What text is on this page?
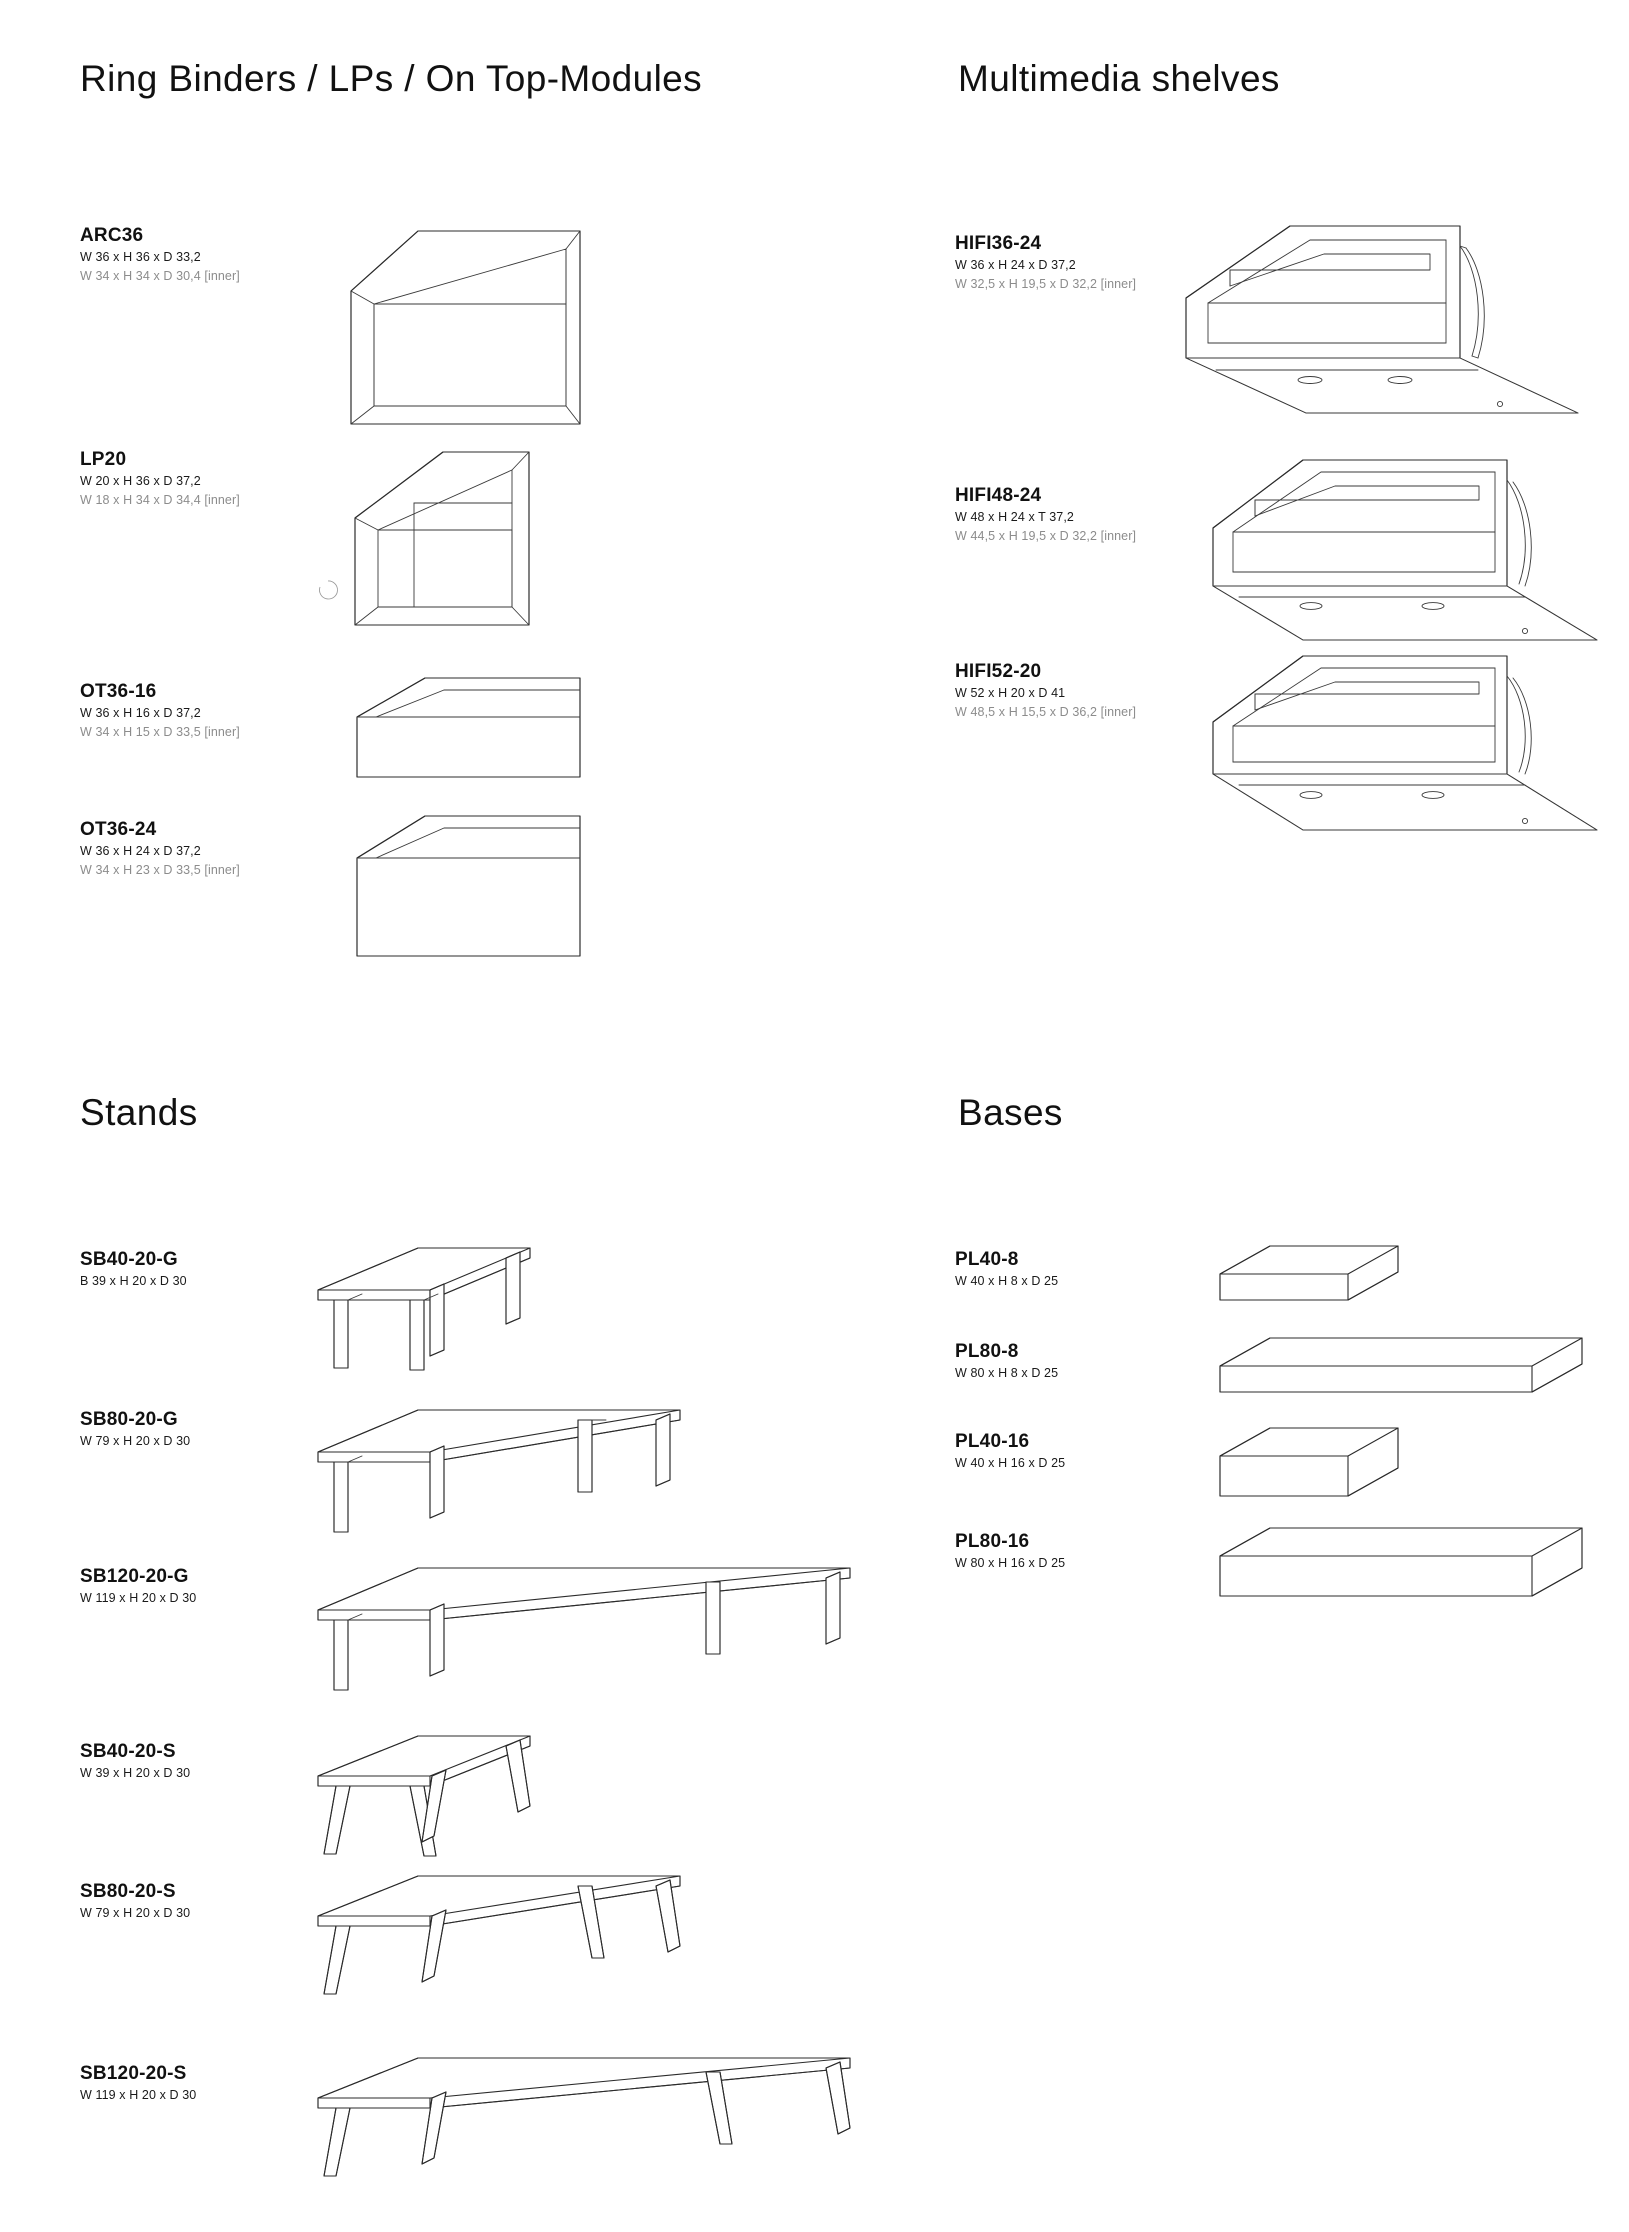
Ring Binders / LPs / On Top-Modules	Multimedia shelves
Stands	Bases
ARC36
W 36 x H 36 x D 33,2
W 34 x H 34 x D 30,4 [inner]
LP20
W 20 x H 36 x D 37,2
W 18 x H 34 x D 34,4 [inner]
OT36-16
W 36 x H 16 x D 37,2
W 34 x H 15 x D 33,5 [inner]
OT36-24
W 36 x H 24 x D 37,2
W 34 x H 23 x D 33,5 [inner]
HIFI36-24
W 36 x H 24 x D 37,2
W 32,5 x H 19,5 x D 32,2 [inner]
HIFI48-24
W 48 x H 24 x T 37,2
W 44,5 x H 19,5 x D 32,2 [inner]
HIFI52-20
W 52 x H 20 x D 41
W 48,5 x H 15,5 x D 36,2 [inner]
SB40-20-G
B 39 x H 20 x D 30
SB80-20-G
W 79 x H 20 x D 30
SB120-20-G
W 119 x H 20 x D 30
SB40-20-S
W 39 x H 20 x D 30
SB80-20-S
W 79 x H 20 x D 30
SB120-20-S
W 119 x H 20 x D 30
PL40-8
W 40 x H 8 x D 25
PL80-8
W 80 x H 8 x D 25
PL40-16
W 40 x H 16 x D 25
PL80-16
W 80 x H 16 x D 25
